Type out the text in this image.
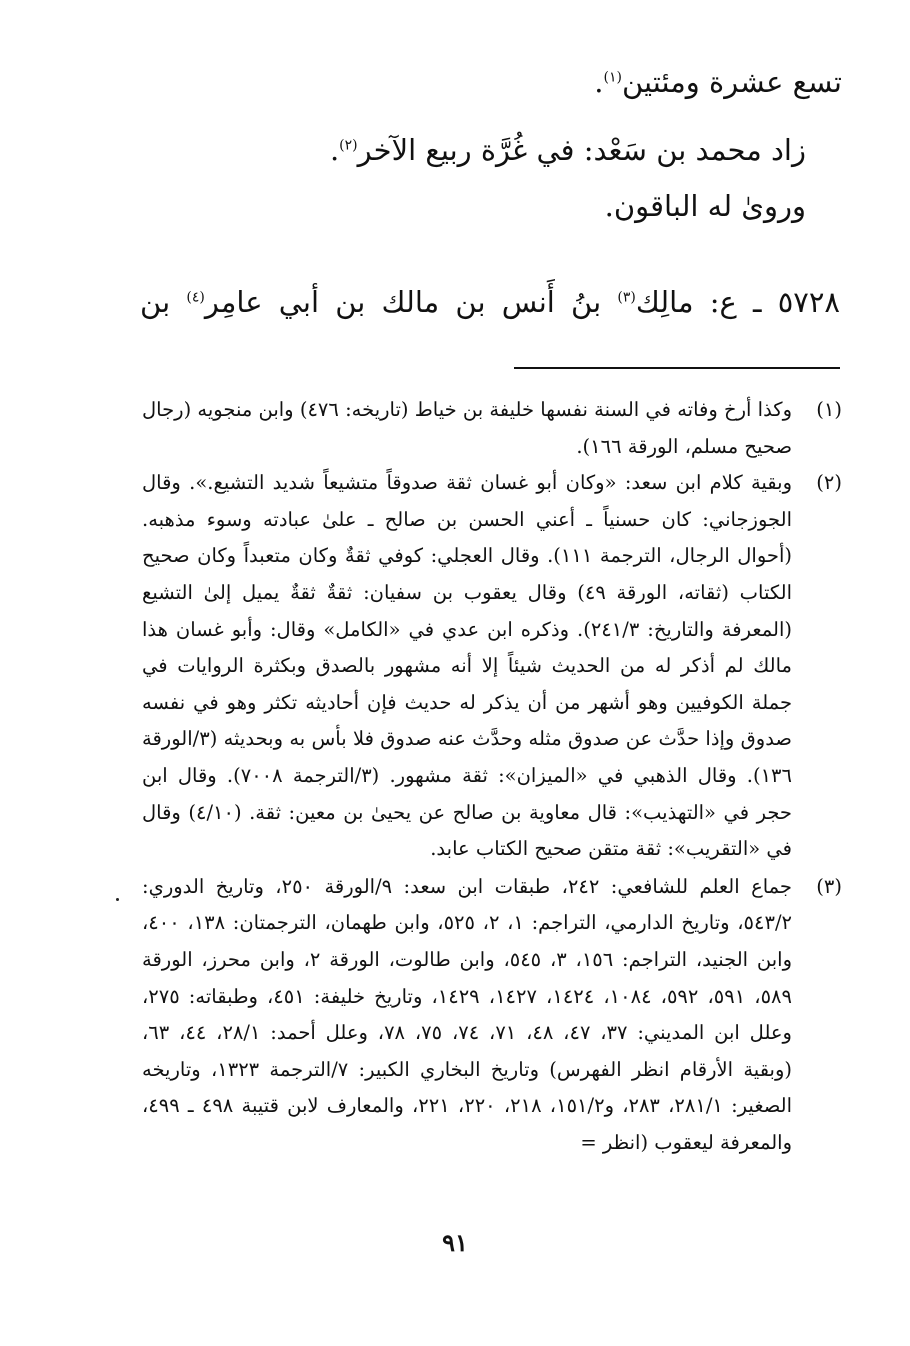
تسع عشرة ومئتين$^{(١)}$.
زاد محمد بن سَعْد: في غُرَّة ربيع الآخر$^{(٢)}$.
وروىٰ له الباقون.
٥٧٢٨ ـ ع: مالِك$^{(٣)}$ بنُ أَنس بن مالك بن أبي عامِر$^{(٤)}$ بن
(١)
وكذا أرخ وفاته في السنة نفسها خليفة بن خياط (تاريخه: ٤٧٦) وابن منجويه (رجال صحيح مسلم، الورقة ١٦٦).
(٢)
وبقية كلام ابن سعد: «وكان أبو غسان ثقة صدوقاً متشيعاً شديد التشيع.». وقال الجوزجاني: كان حسنياً ـ أعني الحسن بن صالح ـ علىٰ عبادته وسوء مذهبه. (أحوال الرجال، الترجمة ١١١). وقال العجلي: كوفي ثقةٌ وكان متعبداً وكان صحيح الكتاب (ثقاته، الورقة ٤٩) وقال يعقوب بن سفيان: ثقةٌ ثقةٌ يميل إلىٰ التشيع (المعرفة والتاريخ: ٢٤١/٣). وذكره ابن عدي في «الكامل» وقال: وأبو غسان هذا مالك لم أذكر له من الحديث شيئاً إلا أنه مشهور بالصدق وبكثرة الروايات في جملة الكوفيين وهو أشهر من أن يذكر له حديث فإن أحاديثه تكثر وهو في نفسه صدوق وإذا حدَّث عن صدوق مثله وحدَّث عنه صدوق فلا بأس به وبحديثه (٣/الورقة ١٣٦). وقال الذهبي في «الميزان»: ثقة مشهور. (٣/الترجمة ٧٠٠٨). وقال ابن حجر في «التهذيب»: قال معاوية بن صالح عن يحيىٰ بن معين: ثقة. (٤/١٠) وقال في «التقريب»: ثقة متقن صحيح الكتاب عابد.
(٣)
جماع العلم للشافعي: ٢٤٢، طبقات ابن سعد: ٩/الورقة ٢٥٠، وتاريخ الدوري: ٥٤٣/٢، وتاريخ الدارمي، التراجم: ١، ٢، ٥٢٥، وابن طهمان، الترجمتان: ١٣٨، ٤٠٠، وابن الجنيد، التراجم: ١٥٦، ٣، ٥٤٥، وابن طالوت، الورقة ٢، وابن محرز، الورقة ٥٨٩، ٥٩١، ٥٩٢، ١٠٨٤، ١٤٢٤، ١٤٢٧، ١٤٢٩، وتاريخ خليفة: ٤٥١، وطبقاته: ٢٧٥، وعلل ابن المديني: ٣٧، ٤٧، ٤٨، ٧١، ٧٤، ٧٥، ٧٨، وعلل أحمد: ٢٨/١، ٤٤، ٦٣، (وبقية الأرقام انظر الفهرس) وتاريخ البخاري الكبير: ٧/الترجمة ١٣٢٣، وتاريخه الصغير: ٢٨١/١، ٢٨٣، و١٥١/٢، ٢١٨، ٢٢٠، ٢٢١، والمعارف لابن قتيبة ٤٩٨ ـ ٤٩٩، والمعرفة ليعقوب (انظر =
٩١
